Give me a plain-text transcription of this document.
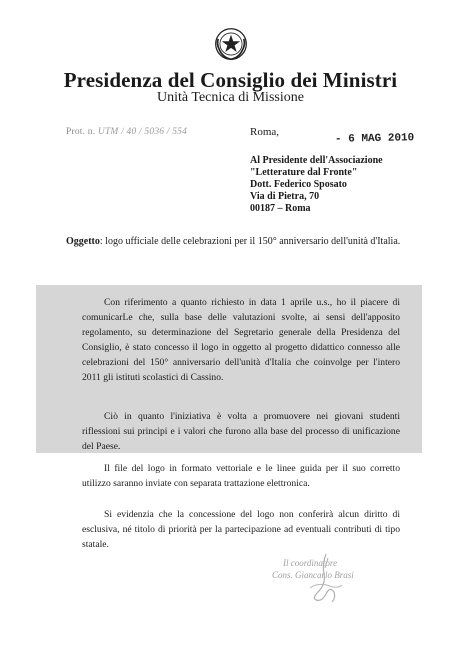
Presidenza del Consiglio dei Ministri
Unità Tecnica di Missione
Prot. n. UTM / 40 / 5036 / 554	Roma,
- 6 MAG 2010
Al Presidente dell'Associazione
"Letterature dal Fronte"
Dott. Federico Sposato
Via di Pietra, 70
00187 – Roma
Oggetto: logo ufficiale delle celebrazioni per il 150° anniversario dell'unità d'Italia.
Con riferimento a quanto richiesto in data 1 aprile u.s., ho il piacere di comunicarLe che, sulla base delle valutazioni svolte, ai sensi dell'apposito regolamento, su determinazione del Segretario generale della Presidenza del Consiglio, è stato concesso il logo in oggetto al progetto didattico connesso alle celebrazioni del 150° anniversario dell'unità d'Italia che coinvolge per l'intero 2011 gli istituti scolastici di Cassino.
Ciò in quanto l'iniziativa è volta a promuovere nei giovani studenti riflessioni sui principi e i valori che furono alla base del processo di unificazione del Paese.
Il file del logo in formato vettoriale e le linee guida per il suo corretto utilizzo saranno inviate con separata trattazione elettronica.
Si evidenzia che la concessione del logo non conferirà alcun diritto di esclusiva, né titolo di priorità per la partecipazione ad eventuali contributi di tipo statale.
Il coordinatore
Cons. Giancarlo Brasi
